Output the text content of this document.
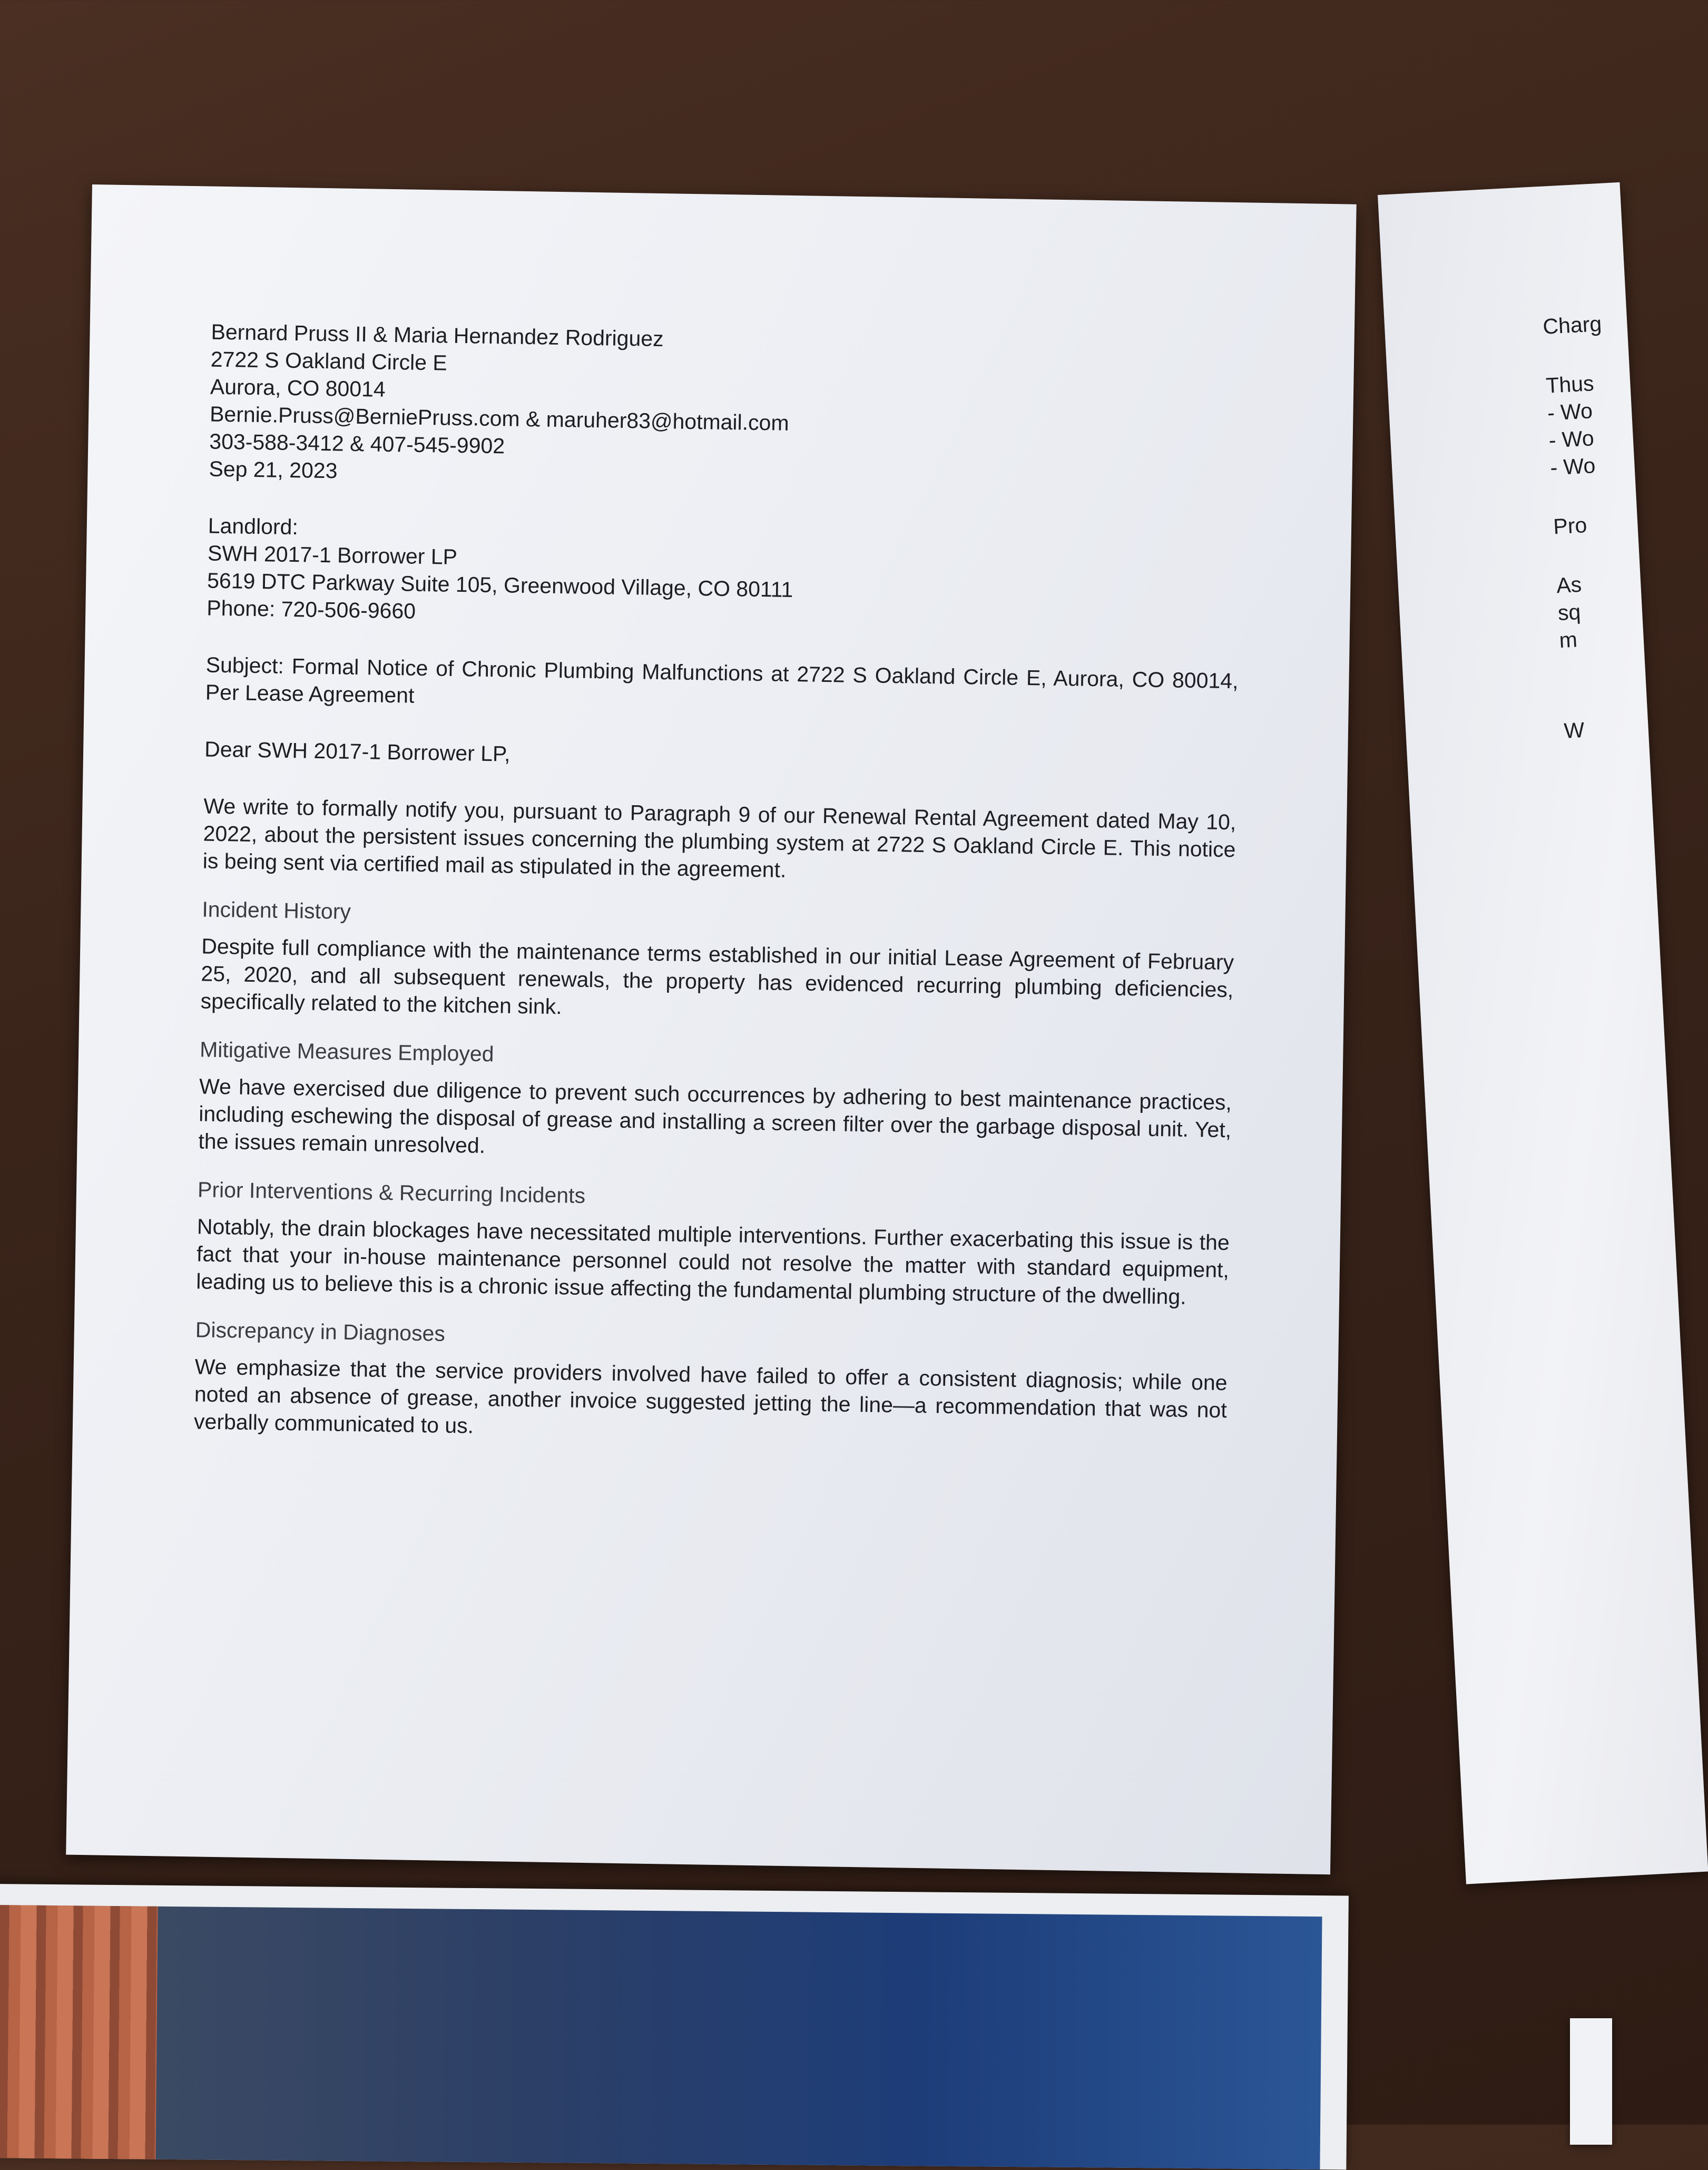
Bernard Pruss II & Maria Hernandez Rodriguez
2722 S Oakland Circle E
Aurora, CO 80014
Bernie.Pruss@BerniePruss.com & maruher83@hotmail.com
303-588-3412 & 407-545-9902
Sep 21, 2023
Landlord:
SWH 2017-1 Borrower LP
5619 DTC Parkway Suite 105, Greenwood Village, CO 80111
Phone: 720-506-9660
Subject: Formal Notice of Chronic Plumbing Malfunctions at 2722 S Oakland Circle E, Aurora, CO 80014, Per Lease Agreement
Dear SWH 2017-1 Borrower LP,
We write to formally notify you, pursuant to Paragraph 9 of our Renewal Rental Agreement dated May 10, 2022, about the persistent issues concerning the plumbing system at 2722 S Oakland Circle E. This notice is being sent via certified mail as stipulated in the agreement.
Incident History
Despite full compliance with the maintenance terms established in our initial Lease Agreement of February 25, 2020, and all subsequent renewals, the property has evidenced recurring plumbing deficiencies, specifically related to the kitchen sink.
Mitigative Measures Employed
We have exercised due diligence to prevent such occurrences by adhering to best maintenance practices, including eschewing the disposal of grease and installing a screen filter over the garbage disposal unit. Yet, the issues remain unresolved.
Prior Interventions & Recurring Incidents
Notably, the drain blockages have necessitated multiple interventions. Further exacerbating this issue is the fact that your in-house maintenance personnel could not resolve the matter with standard equipment, leading us to believe this is a chronic issue affecting the fundamental plumbing structure of the dwelling.
Discrepancy in Diagnoses
We emphasize that the service providers involved have failed to offer a consistent diagnosis; while one noted an absence of grease, another invoice suggested jetting the line—a recommendation that was not verbally communicated to us.
Charg
Thus
- Wo
- Wo
- Wo
Pro
As
sq
m
W
